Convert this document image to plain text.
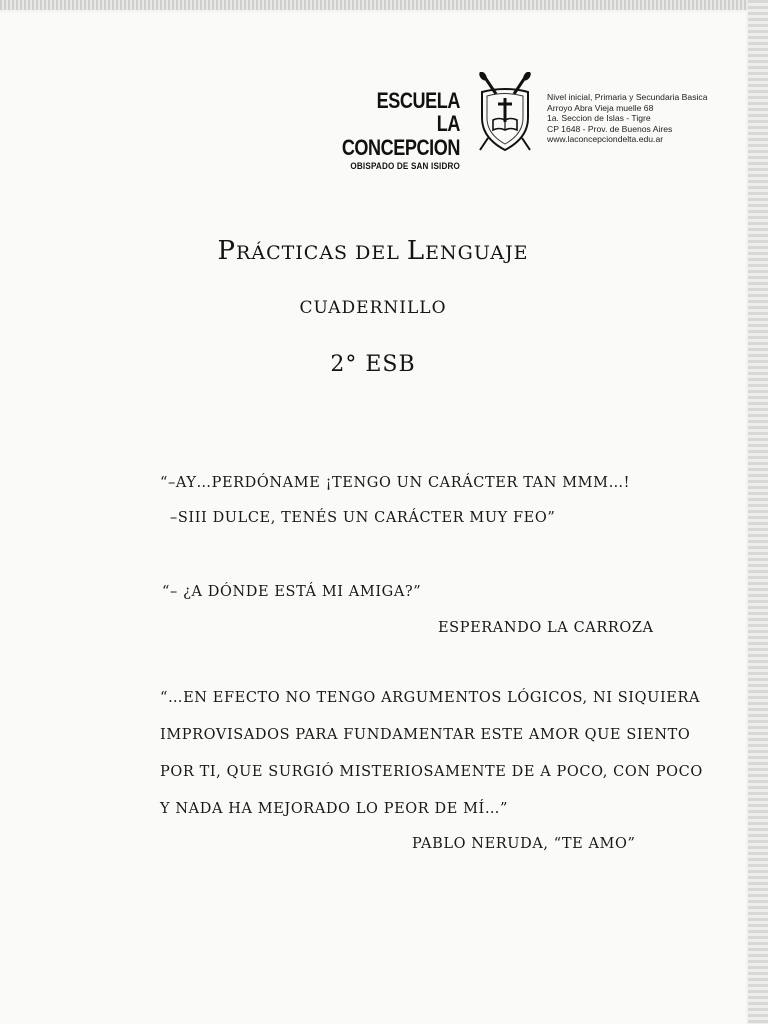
ESCUELA
LA CONCEPCION
OBISPADO DE SAN ISIDRO
Nivel inicial, Primaria y Secundaria Basica
Arroyo Abra Vieja muelle 68
1a. Seccion de Islas - Tigre
CP 1648 - Prov. de Buenos Aires
www.laconcepciondelta.edu.ar
PRÁCTICAS DEL LENGUAJE
CUADERNILLO
2° ESB
“–AY…PERDÓNAME ¡TENGO UN CARÁCTER TAN MMM…!
–SIII DULCE, TENÉS UN CARÁCTER MUY FEO”
“– ¿A DÓNDE ESTÁ MI AMIGA?”
ESPERANDO LA CARROZA
“…EN EFECTO NO TENGO ARGUMENTOS LÓGICOS, NI SIQUIERA
IMPROVISADOS PARA FUNDAMENTAR ESTE AMOR QUE SIENTO
POR TI, QUE SURGIÓ MISTERIOSAMENTE DE A POCO, CON POCO
Y NADA HA MEJORADO LO PEOR DE MÍ…”
PABLO NERUDA, “TE AMO”
